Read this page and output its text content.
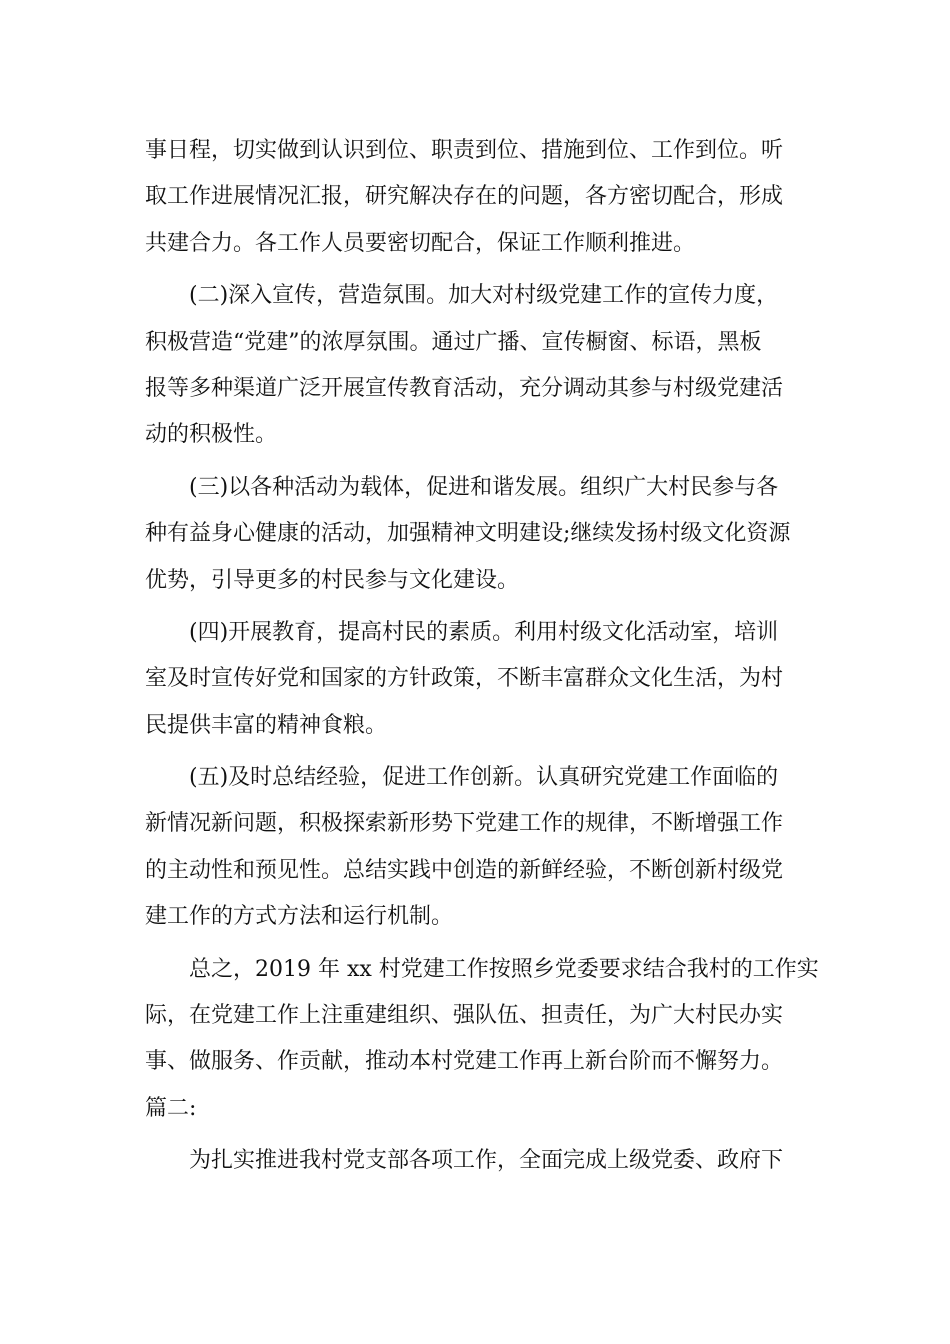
事日程，切实做到认识到位、职责到位、措施到位、工作到位。听
取工作进展情况汇报，研究解决存在的问题，各方密切配合，形成
共建合力。各工作人员要密切配合，保证工作顺利推进。
(二)深入宣传，营造氛围。加大对村级党建工作的宣传力度，
积极营造“党建”的浓厚氛围。通过广播、宣传橱窗、标语，黑板
报等多种渠道广泛开展宣传教育活动，充分调动其参与村级党建活
动的积极性。
(三)以各种活动为载体，促进和谐发展。组织广大村民参与各
种有益身心健康的活动，加强精神文明建设;继续发扬村级文化资源
优势，引导更多的村民参与文化建设。
(四)开展教育，提高村民的素质。利用村级文化活动室，培训
室及时宣传好党和国家的方针政策，不断丰富群众文化生活，为村
民提供丰富的精神食粮。
(五)及时总结经验，促进工作创新。认真研究党建工作面临的
新情况新问题，积极探索新形势下党建工作的规律，不断增强工作
的主动性和预见性。总结实践中创造的新鲜经验，不断创新村级党
建工作的方式方法和运行机制。
总之，2019 年 xx 村党建工作按照乡党委要求结合我村的工作实
际，在党建工作上注重建组织、强队伍、担责任，为广大村民办实
事、做服务、作贡献，推动本村党建工作再上新台阶而不懈努力。
篇二:
为扎实推进我村党支部各项工作，全面完成上级党委、政府下
